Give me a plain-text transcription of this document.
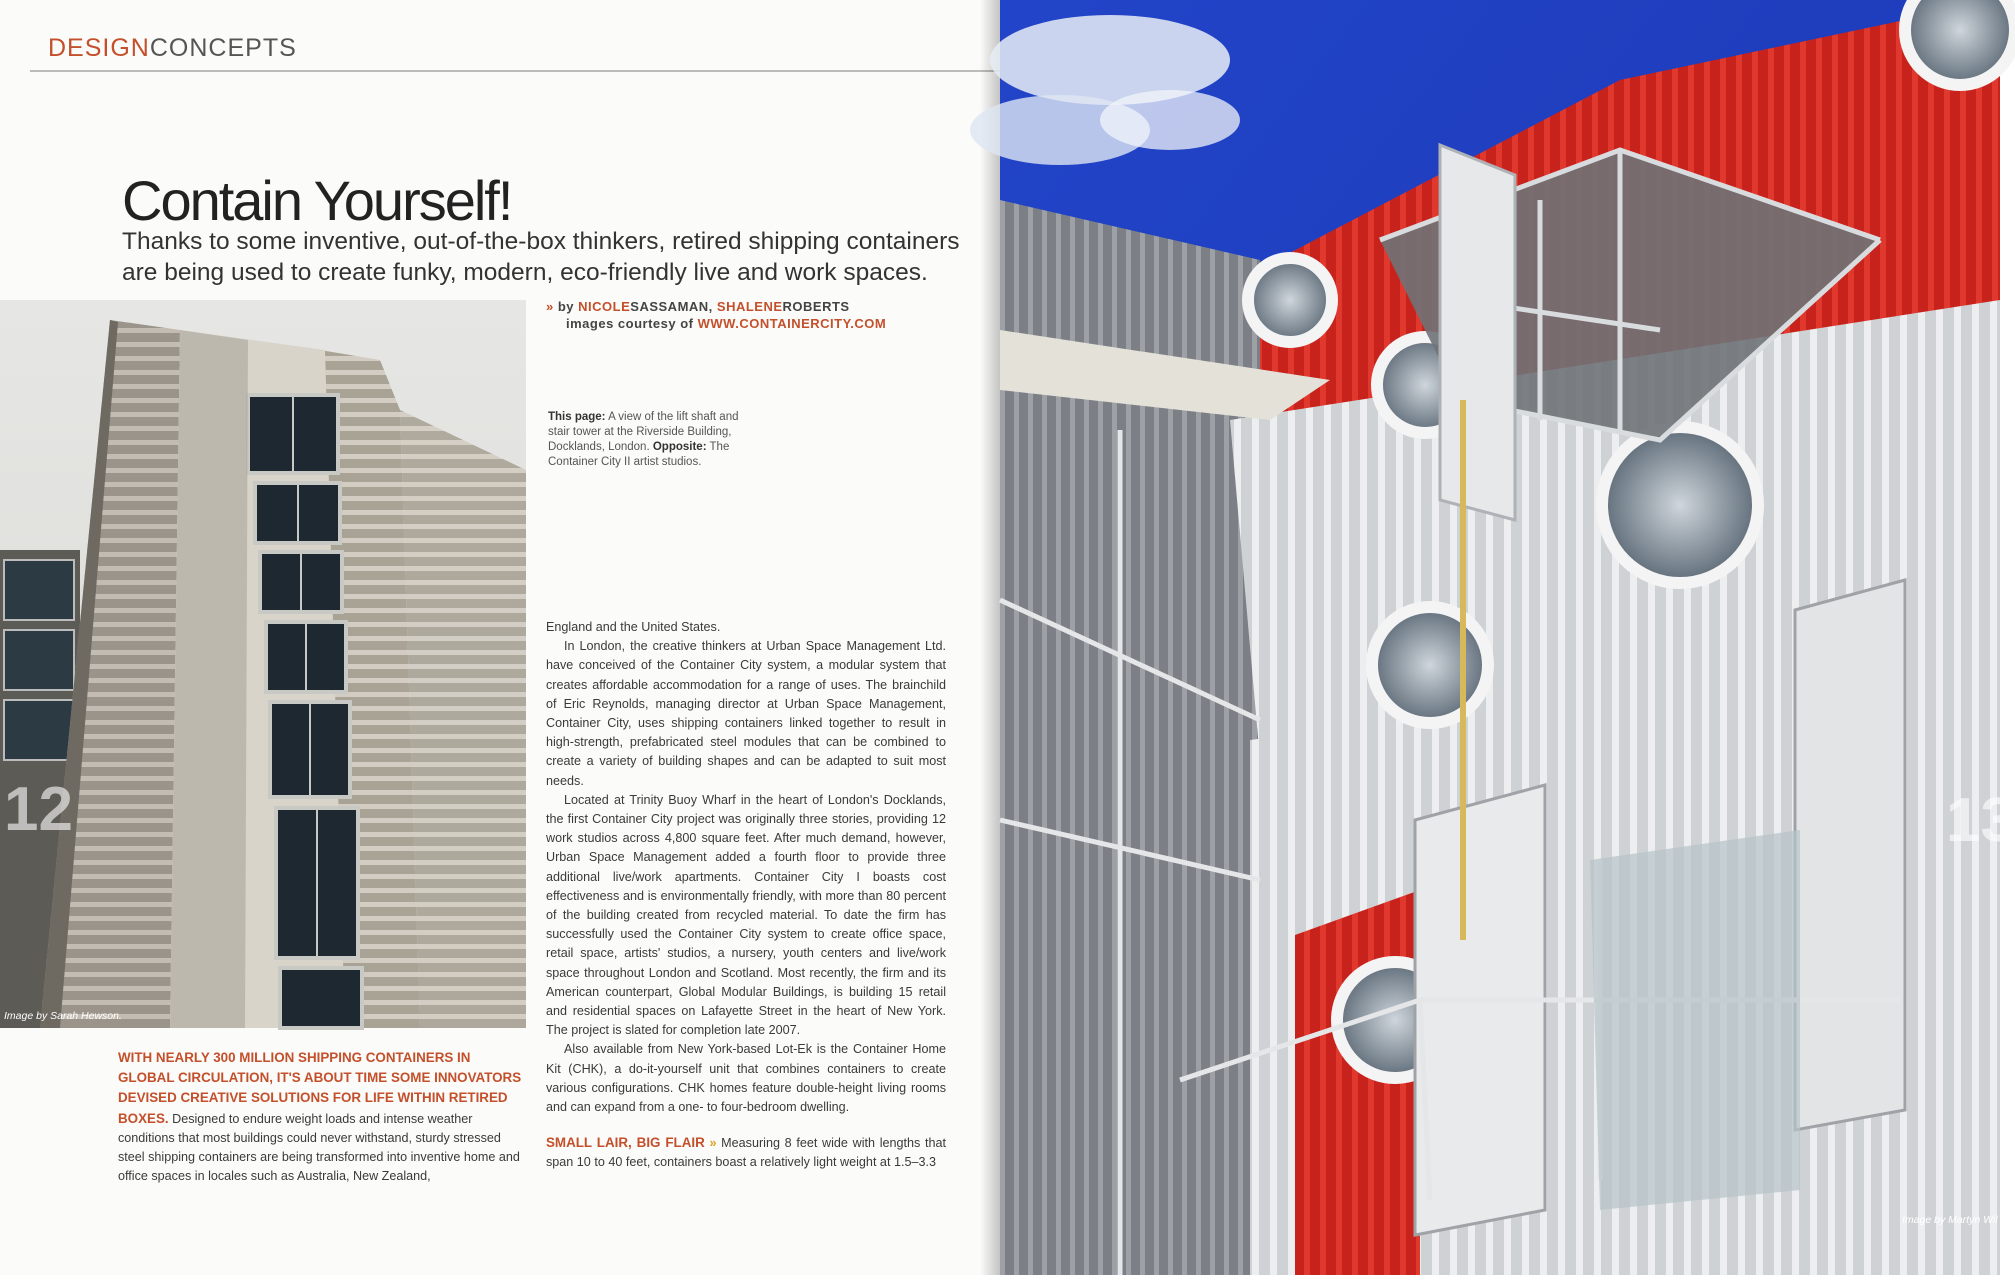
DESIGNCONCEPTS
Contain Yourself!
Thanks to some inventive, out-of-the-box thinkers, retired shipping containers are being used to create funky, modern, eco-friendly live and work spaces.
12
Image by Sarah Hewson.
» by NICOLESASSAMAN, SHALENEROBERTS
images courtesy of WWW.CONTAINERCITY.COM
This page: A view of the lift shaft and stair tower at the Riverside Building, Docklands, London. Opposite: The Container City II artist studios.

England and the United States.

In London, the creative thinkers at Urban Space Management Ltd. have conceived of the Container City system, a modular system that creates affordable accommodation for a range of uses. The brainchild of Eric Reynolds, managing director at Urban Space Management, Container City, uses shipping containers linked together to result in high-strength, prefabricated steel modules that can be combined to create a variety of building shapes and can be adapted to suit most needs.

Located at Trinity Buoy Wharf in the heart of London's Docklands, the first Container City project was originally three stories, providing 12 work studios across 4,800 square feet. After much demand, however, Urban Space Management added a fourth floor to provide three additional live/work apartments. Container City I boasts cost effectiveness and is environmentally friendly, with more than 80 percent of the building created from recycled material. To date the firm has successfully used the Container City system to create office space, retail space, artists' studios, a nursery, youth centers and live/work space throughout London and Scotland. Most recently, the firm and its American counterpart, Global Modular Buildings, is building 15 retail and residential spaces on Lafayette Street in the heart of New York. The project is slated for completion late 2007.

Also available from New York-based Lot-Ek is the Container Home Kit (CHK), a do-it-yourself unit that combines containers to create various configurations. CHK homes feature double-height living rooms and can expand from a one- to four-bedroom dwelling.

SMALL LAIR, BIG FLAIR » Measuring 8 feet wide with lengths that span 10 to 40 feet, containers boast a relatively light weight at 1.5–3.3
WITH NEARLY 300 MILLION SHIPPING CONTAINERS IN GLOBAL CIRCULATION, IT'S ABOUT TIME SOME INNOVATORS DEVISED CREATIVE SOLUTIONS FOR LIFE WITHIN RETIRED BOXES. Designed to endure weight loads and intense weather conditions that most buildings could never withstand, sturdy stressed steel shipping containers are being transformed into inventive home and office spaces in locales such as Australia, New Zealand,
13
Image by Martyn Wil
